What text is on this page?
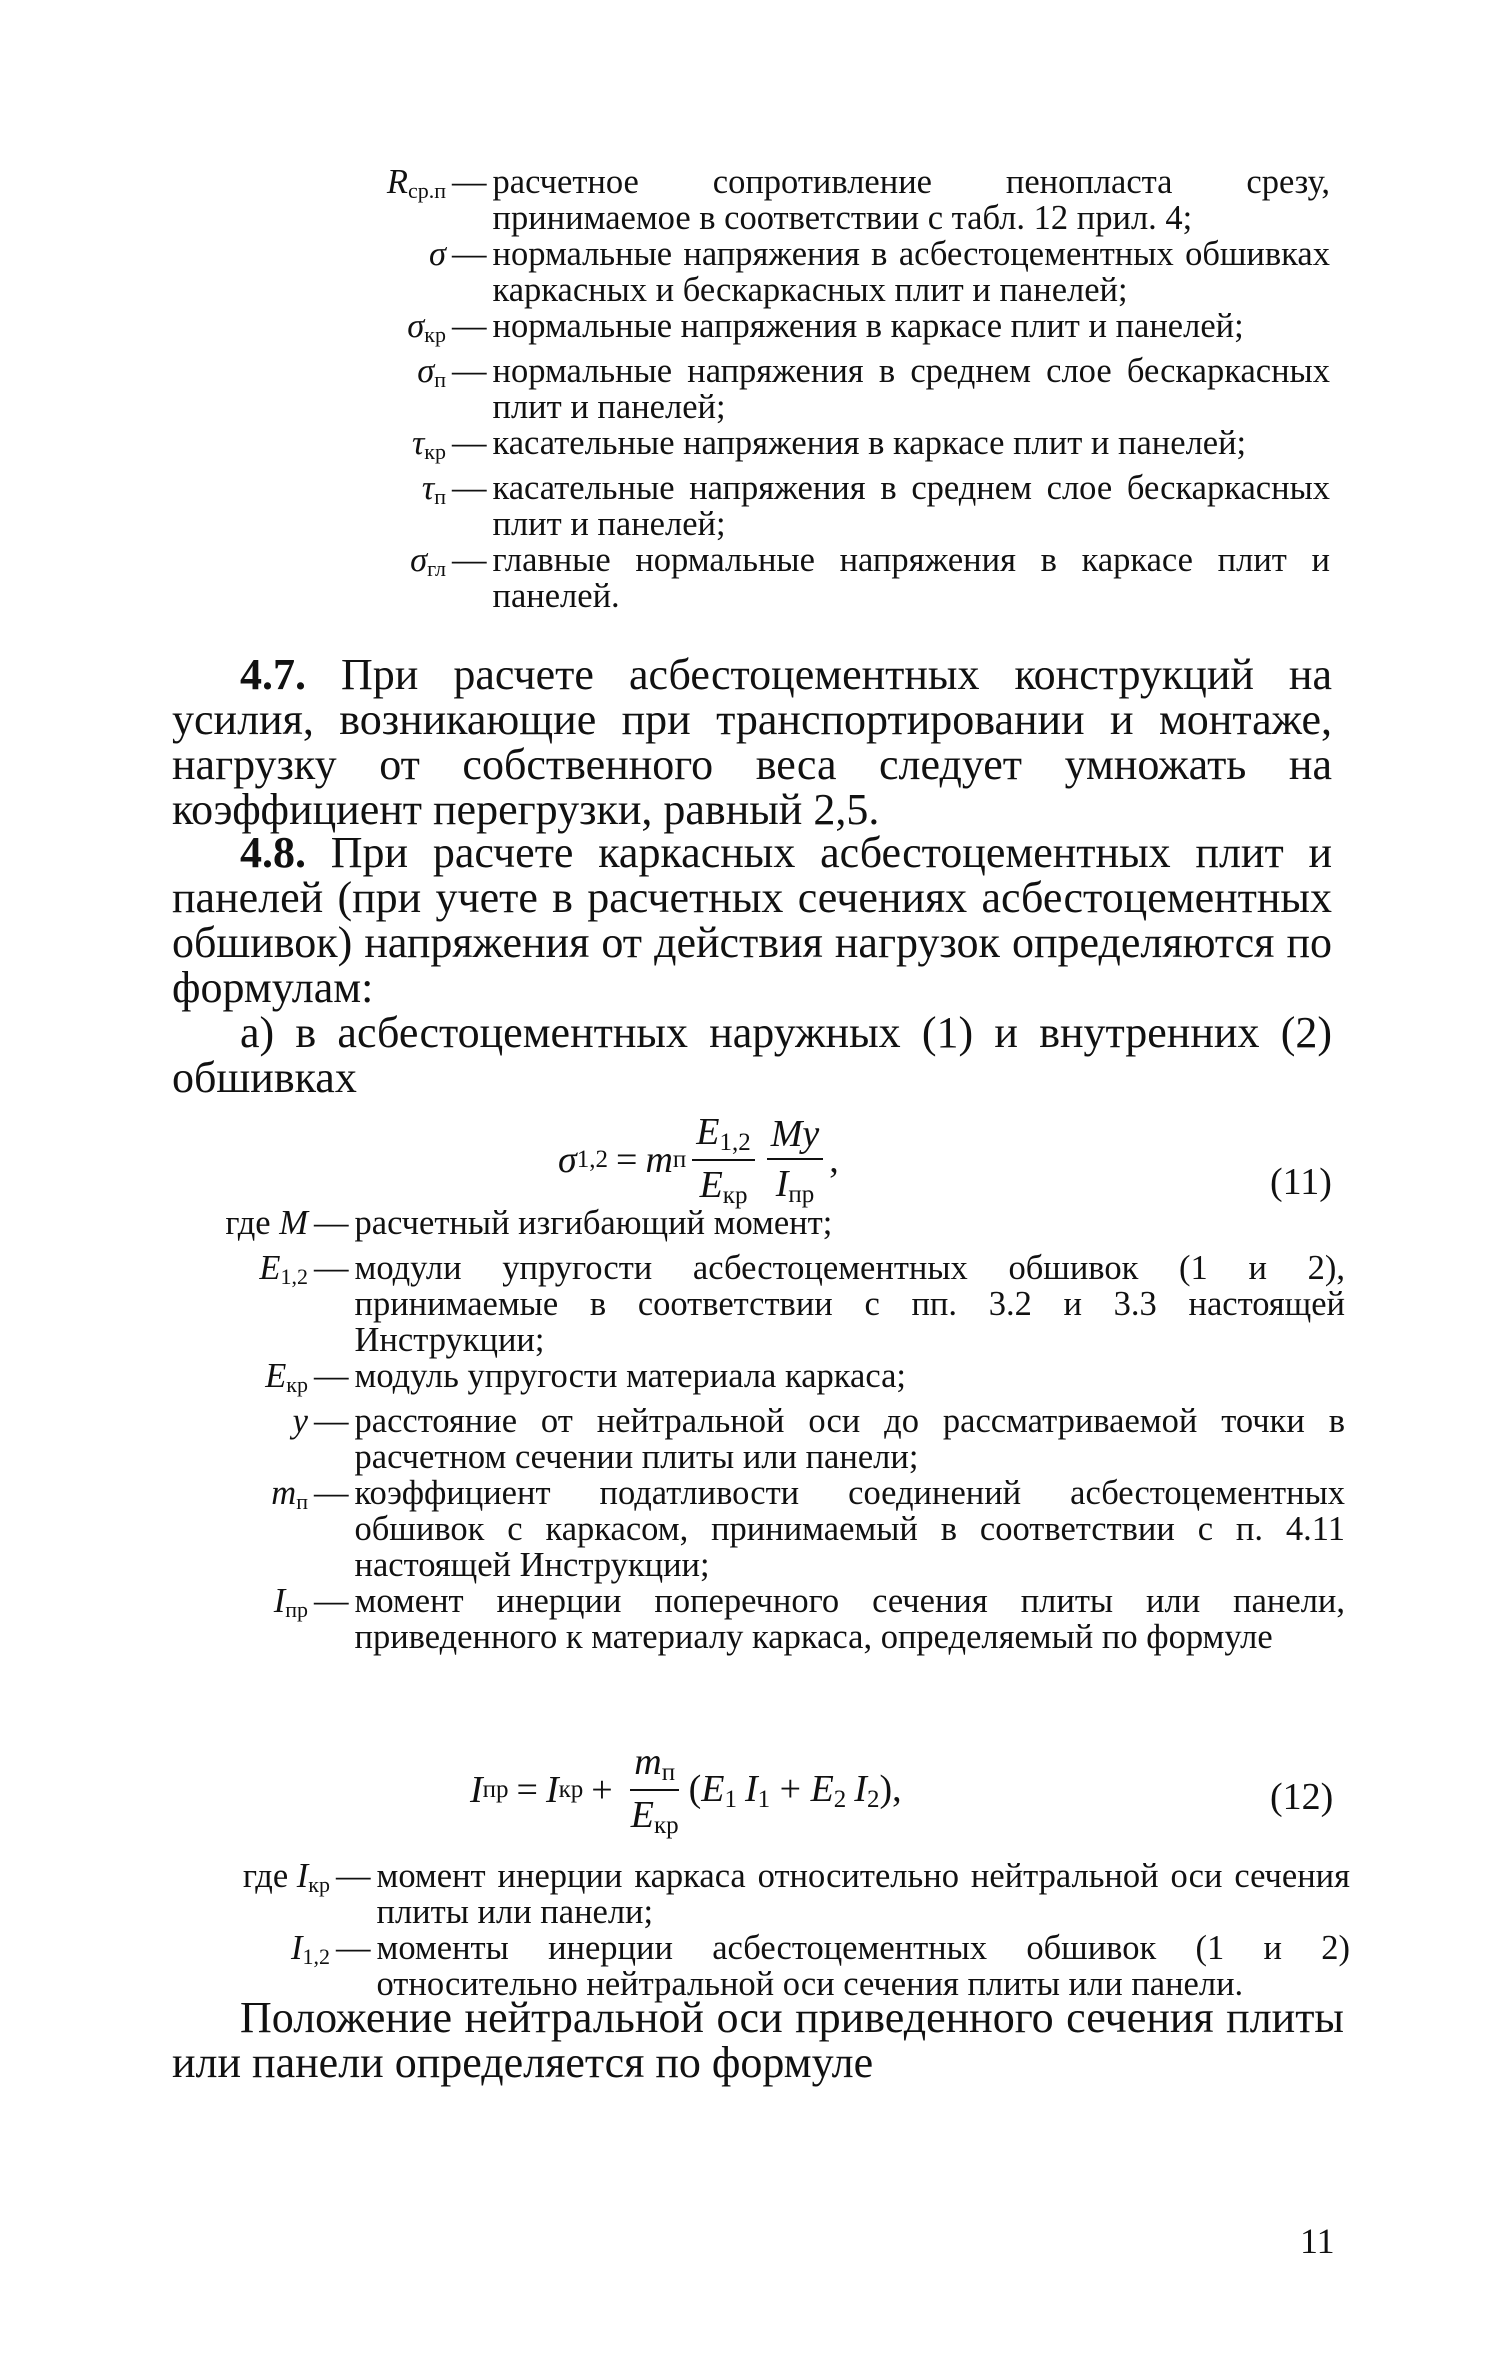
$R_{ср.п}$ — расчетное сопротивление пенопласта срезу, принимаемое в соответствии с табл. 12 прил. 4;
σ — нормальные напряжения в асбестоцементных обшивках каркасных и бескаркасных плит и панелей;
$\sigma_{кр}$ — нормальные напряжения в каркасе плит и панелей;
$\sigma_п$ — нормальные напряжения в среднем слое бескаркасных плит и панелей;
$\tau_{кр}$ — касательные напряжения в каркасе плит и панелей;
$\tau_п$ — касательные напряжения в среднем слое бескаркасных плит и панелей;
$\sigma_{гл}$ — главные нормальные напряжения в каркасе плит и панелей.
4.7. При расчете асбестоцементных конструкций на усилия, возникающие при транспортировании и монтаже, нагрузку от собственного веса следует умножать на коэффициент перегрузки, равный 2,5.
4.8. При расчете каркасных асбестоцементных плит и панелей (при учете в расчетных сечениях асбестоцементных обшивок) напряжения от действия нагрузок определяются по формулам:
а) в асбестоцементных наружных (1) и внутренних (2) обшивках
σ 1,2 = m п $\frac{E_{1,2}}{E_{кр}} \frac{My}{I_{пр}}$ ,
(11)
где M — расчетный изгибающий момент;
$E_{1,2}$ — модули упругости асбестоцементных обшивок (1 и 2), принимаемые в соответствии с пп. 3.2 и 3.3 настоящей Инструкции;
$E_{кр}$ — модуль упругости материала каркаса;
y — расстояние от нейтральной оси до рассматриваемой точки в расчетном сечении плиты или панели;
$m_п$ — коэффициент податливости соединений асбестоцементных обшивок с каркасом, принимаемый в соответствии с п. 4.11 настоящей Инструкции;
$I_{пр}$ — момент инерции поперечного сечения плиты или панели, приведенного к материалу каркаса, определяемый по формуле
I пр = I кр + $\frac{m_п}{E_{кр}} (E_1$ $I_1 + E_2$ $I_2$),	(12)
где $I_{кр}$ — момент инерции каркаса относительно нейтральной оси сечения плиты или панели;
$I_{1,2}$ — моменты инерции асбестоцементных обшивок (1 и 2) относительно нейтральной оси сечения плиты или панели.
Положение нейтральной оси приведенного сечения плиты или панели определяется по формуле
11
